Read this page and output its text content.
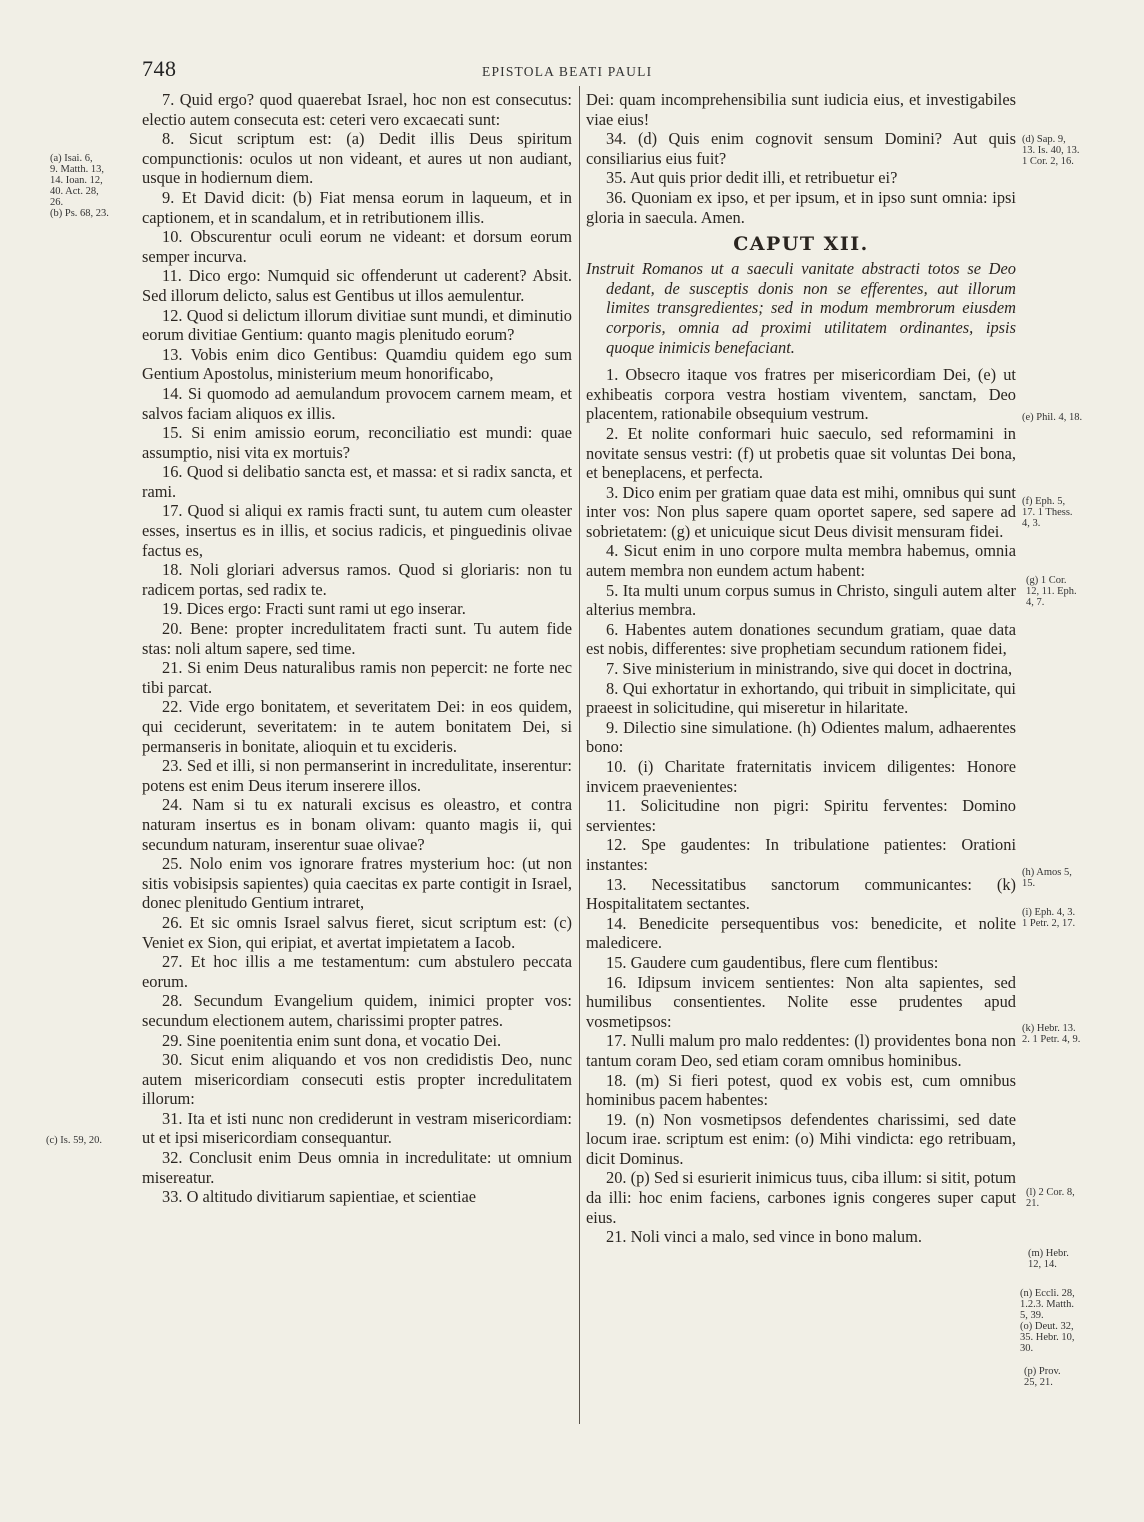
748	EPISTOLA BEATI PAULI
(a) Isai. 6,
9. Matth. 13,
14. Ioan. 12,
40. Act. 28,
26.
(b) Ps. 68, 23.
(c) Is. 59, 20.
(d) Sap. 9,
13. Is. 40, 13.
1 Cor. 2, 16.
(e) Phil. 4, 18.
(f) Eph. 5,
17. 1 Thess.
4, 3.
(g) 1 Cor.
12, 11. Eph.
4, 7.
(h) Amos 5,
15.
(i) Eph. 4, 3.
1 Petr. 2, 17.
(k) Hebr. 13.
2. 1 Petr. 4, 9.
(l) 2 Cor. 8,
21.
(m) Hebr.
12, 14.
(n) Eccli. 28,
1.2.3. Matth.
5, 39.
(o) Deut. 32,
35. Hebr. 10,
30.
(p) Prov.
25, 21.

7. Quid ergo? quod quaerebat Israel, hoc non est consecutus: electio autem consecuta est: ceteri vero excaecati sunt:

8. Sicut scriptum est: (a) Dedit illis Deus spiritum compunctionis: oculos ut non videant, et aures ut non audiant, usque in hodiernum diem.

9. Et David dicit: (b) Fiat mensa eorum in laqueum, et in captionem, et in scandalum, et in retributionem illis.

10. Obscurentur oculi eorum ne videant: et dorsum eorum semper incurva.

11. Dico ergo: Numquid sic offenderunt ut caderent? Absit. Sed illorum delicto, salus est Gentibus ut illos aemulentur.

12. Quod si delictum illorum divitiae sunt mundi, et diminutio eorum divitiae Gentium: quanto magis plenitudo eorum?

13. Vobis enim dico Gentibus: Quamdiu quidem ego sum Gentium Apostolus, ministerium meum honorificabo,

14. Si quomodo ad aemulandum provocem carnem meam, et salvos faciam aliquos ex illis.

15. Si enim amissio eorum, reconciliatio est mundi: quae assumptio, nisi vita ex mortuis?

16. Quod si delibatio sancta est, et massa: et si radix sancta, et rami.

17. Quod si aliqui ex ramis fracti sunt, tu autem cum oleaster esses, insertus es in illis, et socius radicis, et pinguedinis olivae factus es,

18. Noli gloriari adversus ramos. Quod si gloriaris: non tu radicem portas, sed radix te.

19. Dices ergo: Fracti sunt rami ut ego inserar.

20. Bene: propter incredulitatem fracti sunt. Tu autem fide stas: noli altum sapere, sed time.

21. Si enim Deus naturalibus ramis non pepercit: ne forte nec tibi parcat.

22. Vide ergo bonitatem, et severitatem Dei: in eos quidem, qui ceciderunt, severitatem: in te autem bonitatem Dei, si permanseris in bonitate, alioquin et tu excideris.

23. Sed et illi, si non permanserint in incredulitate, inserentur: potens est enim Deus iterum inserere illos.

24. Nam si tu ex naturali excisus es oleastro, et contra naturam insertus es in bonam olivam: quanto magis ii, qui secundum naturam, inserentur suae olivae?

25. Nolo enim vos ignorare fratres mysterium hoc: (ut non sitis vobisipsis sapientes) quia caecitas ex parte contigit in Israel, donec plenitudo Gentium intraret,

26. Et sic omnis Israel salvus fieret, sicut scriptum est: (c) Veniet ex Sion, qui eripiat, et avertat impietatem a Iacob.

27. Et hoc illis a me testamentum: cum abstulero peccata eorum.

28. Secundum Evangelium quidem, inimici propter vos: secundum electionem autem, charissimi propter patres.

29. Sine poenitentia enim sunt dona, et vocatio Dei.

30. Sicut enim aliquando et vos non credidistis Deo, nunc autem misericordiam consecuti estis propter incredulitatem illorum:

31. Ita et isti nunc non crediderunt in vestram misericordiam: ut et ipsi misericordiam consequantur.

32. Conclusit enim Deus omnia in incredulitate: ut omnium misereatur.

33. O altitudo divitiarum sapientiae, et scientiae

Dei: quam incomprehensibilia sunt iudicia eius, et investigabiles viae eius!

34. (d) Quis enim cognovit sensum Domini? Aut quis consiliarius eius fuit?

35. Aut quis prior dedit illi, et retribuetur ei?

36. Quoniam ex ipso, et per ipsum, et in ipso sunt omnia: ipsi gloria in saecula. Amen.

CAPUT XII.

Instruit Romanos ut a saeculi vanitate abstracti totos se Deo dedant, de susceptis donis non se efferentes, aut illorum limites transgredientes; sed in modum membrorum eiusdem corporis, omnia ad proximi utilitatem ordinantes, ipsis quoque inimicis benefaciant.

1. Obsecro itaque vos fratres per misericordiam Dei, (e) ut exhibeatis corpora vestra hostiam viventem, sanctam, Deo placentem, rationabile obsequium vestrum.

2. Et nolite conformari huic saeculo, sed reformamini in novitate sensus vestri: (f) ut probetis quae sit voluntas Dei bona, et beneplacens, et perfecta.

3. Dico enim per gratiam quae data est mihi, omnibus qui sunt inter vos: Non plus sapere quam oportet sapere, sed sapere ad sobrietatem: (g) et unicuique sicut Deus divisit mensuram fidei.

4. Sicut enim in uno corpore multa membra habemus, omnia autem membra non eundem actum habent:

5. Ita multi unum corpus sumus in Christo, singuli autem alter alterius membra.

6. Habentes autem donationes secundum gratiam, quae data est nobis, differentes: sive prophetiam secundum rationem fidei,

7. Sive ministerium in ministrando, sive qui docet in doctrina,

8. Qui exhortatur in exhortando, qui tribuit in simplicitate, qui praeest in solicitudine, qui miseretur in hilaritate.

9. Dilectio sine simulatione. (h) Odientes malum, adhaerentes bono:

10. (i) Charitate fraternitatis invicem diligentes: Honore invicem praevenientes:

11. Solicitudine non pigri: Spiritu ferventes: Domino servientes:

12. Spe gaudentes: In tribulatione patientes: Orationi instantes:

13. Necessitatibus sanctorum communicantes: (k) Hospitalitatem sectantes.

14. Benedicite persequentibus vos: benedicite, et nolite maledicere.

15. Gaudere cum gaudentibus, flere cum flentibus:

16. Idipsum invicem sentientes: Non alta sapientes, sed humilibus consentientes. Nolite esse prudentes apud vosmetipsos:

17. Nulli malum pro malo reddentes: (l) providentes bona non tantum coram Deo, sed etiam coram omnibus hominibus.

18. (m) Si fieri potest, quod ex vobis est, cum omnibus hominibus pacem habentes:

19. (n) Non vosmetipsos defendentes charissimi, sed date locum irae. scriptum est enim: (o) Mihi vindicta: ego retribuam, dicit Dominus.

20. (p) Sed si esurierit inimicus tuus, ciba illum: si sitit, potum da illi: hoc enim faciens, carbones ignis congeres super caput eius.

21. Noli vinci a malo, sed vince in bono malum.
